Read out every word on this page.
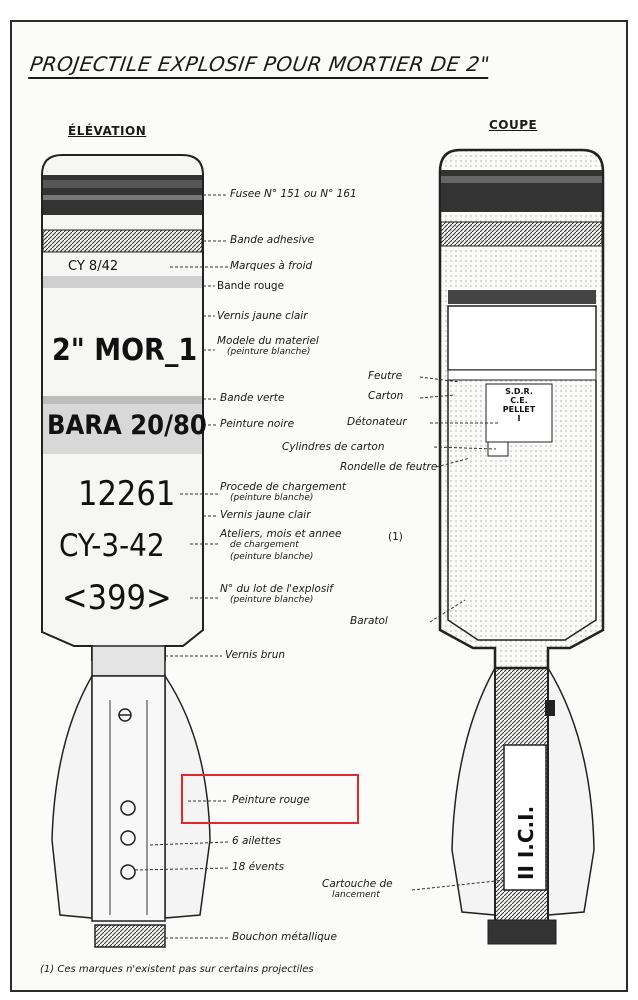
PROJECTILE EXPLOSIF POUR MORTIER DE 2"
ÉLÉVATION	COUPE
CY 8/42
2" MOR_1
BARA 20/80
12261
CY-3-42
<399>
Fusee N° 151 ou N° 161
Bande adhesive
Marques à froid
Bande rouge
Vernis jaune clair
Modele du materiel
(peinture blanche)
Bande verte
Peinture noire
Procede de chargement
(peinture blanche)
Vernis jaune clair
Ateliers, mois et annee
de chargement
(peinture blanche)
(1)
N° du lot de l'explosif
(peinture blanche)
Vernis brun
Peinture rouge
6 ailettes
18 évents
Bouchon métallique
Feutre
Carton
Détonateur
Cylindres de carton
Rondelle de feutre
Baratol
Cartouche de
lancement
S.D.R.
C.E.
PELLET
I
II I.C.I.
(1) Ces marques n'existent pas sur certains projectiles
